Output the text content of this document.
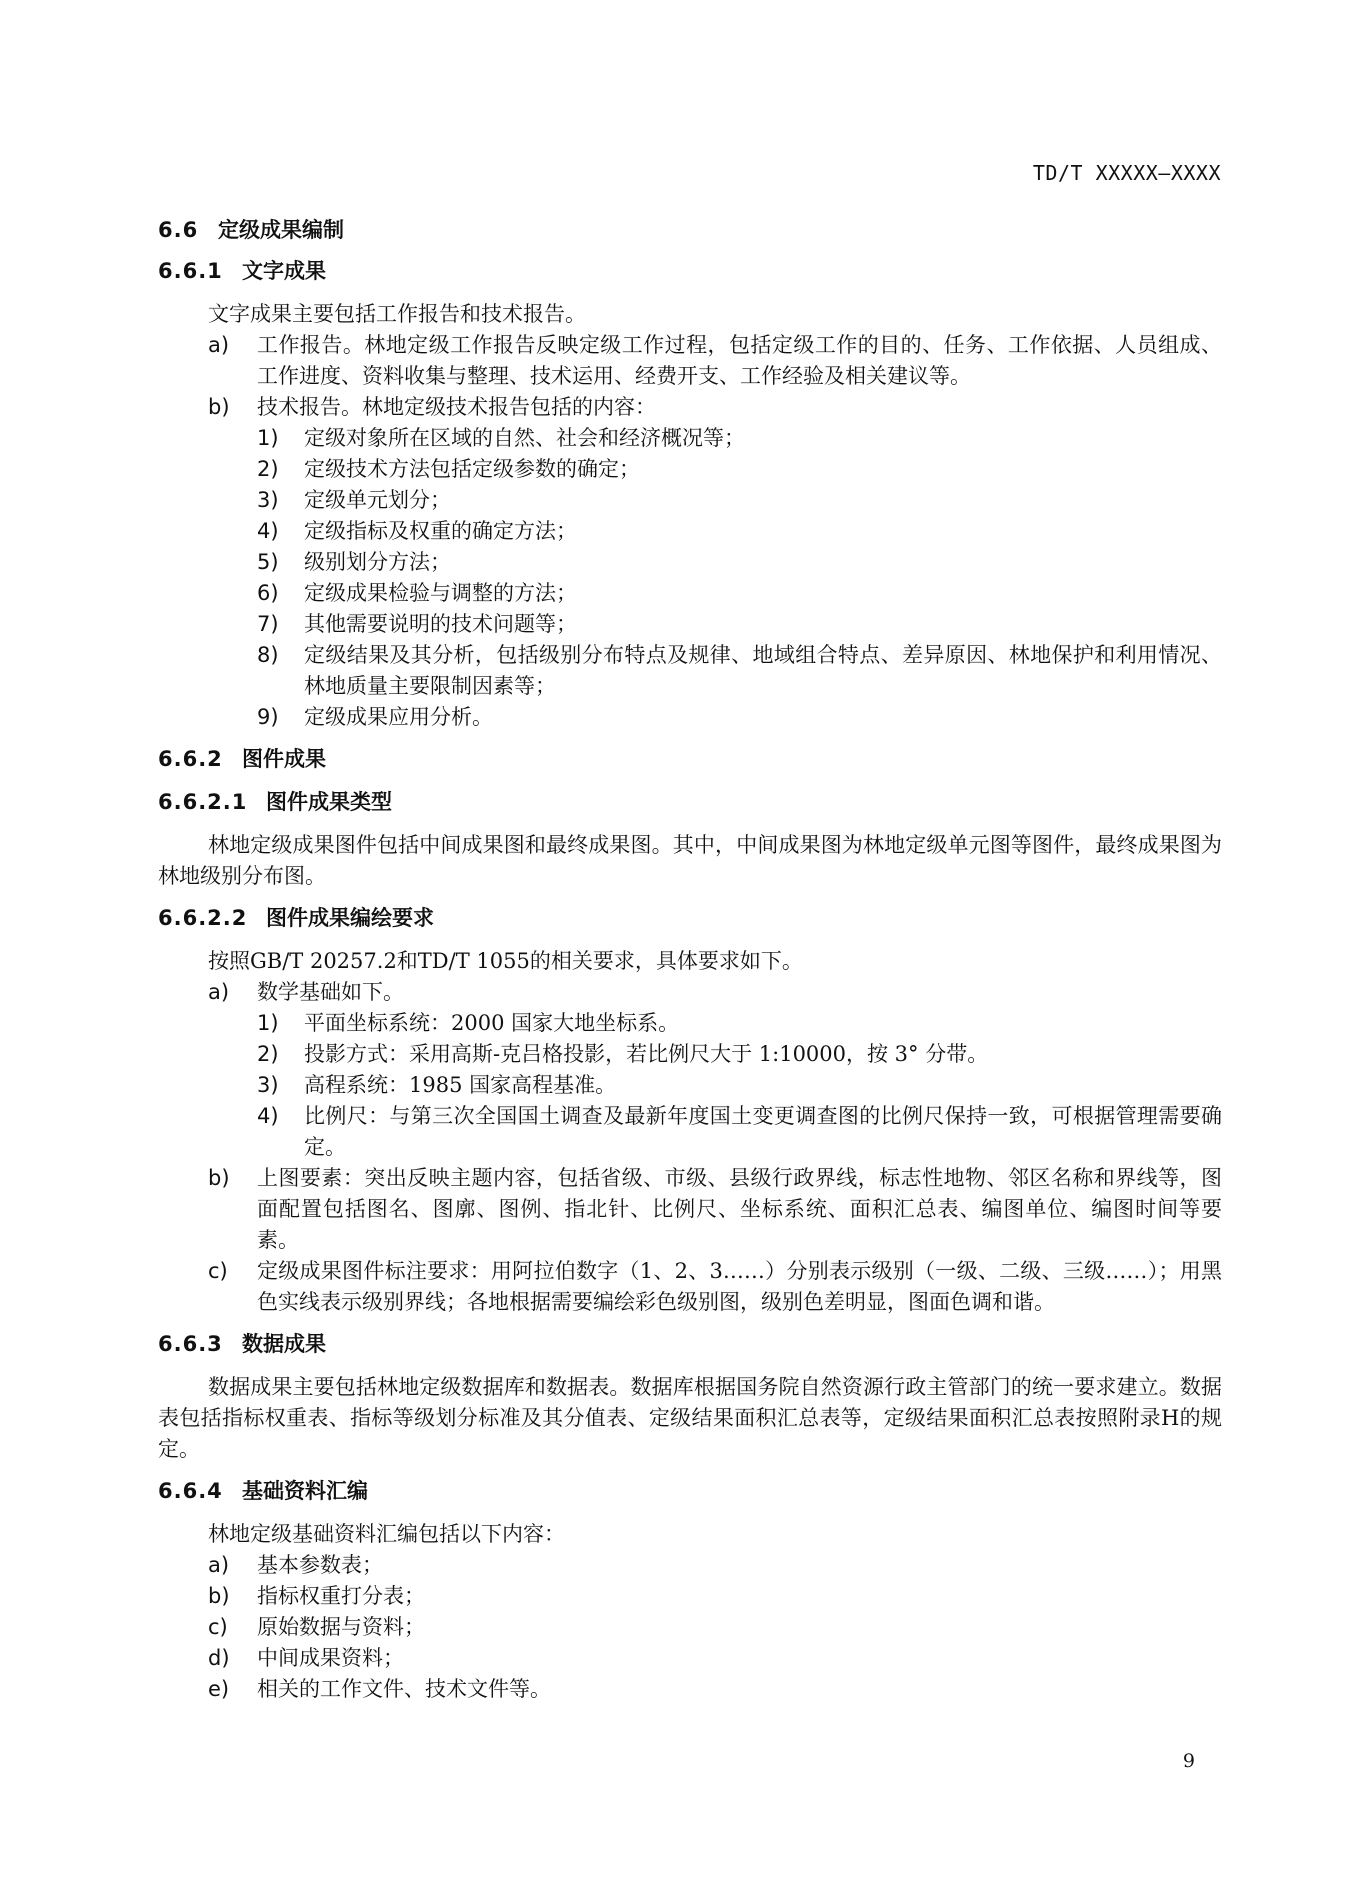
TD/T XXXXX—XXXX
6.6 定级成果编制
6.6.1 文字成果
文字成果主要包括工作报告和技术报告。
a) 工作报告。林地定级工作报告反映定级工作过程，包括定级工作的目的、任务、工作依据、人员组成、工作进度、资料收集与整理、技术运用、经费开支、工作经验及相关建议等。
b) 技术报告。林地定级技术报告包括的内容：
1) 定级对象所在区域的自然、社会和经济概况等；
2) 定级技术方法包括定级参数的确定；
3) 定级单元划分；
4) 定级指标及权重的确定方法；
5) 级别划分方法；
6) 定级成果检验与调整的方法；
7) 其他需要说明的技术问题等；
8) 定级结果及其分析，包括级别分布特点及规律、地域组合特点、差异原因、林地保护和利用情况、林地质量主要限制因素等；
9) 定级成果应用分析。
6.6.2 图件成果
6.6.2.1 图件成果类型
林地定级成果图件包括中间成果图和最终成果图。其中，中间成果图为林地定级单元图等图件，最终成果图为林地级别分布图。
6.6.2.2 图件成果编绘要求
按照GB/T 20257.2和TD/T 1055的相关要求，具体要求如下。
a) 数学基础如下。
1) 平面坐标系统：2000 国家大地坐标系。
2) 投影方式：采用高斯-克吕格投影，若比例尺大于 1:10000，按 3° 分带。
3) 高程系统：1985 国家高程基准。
4) 比例尺：与第三次全国国土调查及最新年度国土变更调查图的比例尺保持一致，可根据管理需要确定。
b) 上图要素：突出反映主题内容，包括省级、市级、县级行政界线，标志性地物、邻区名称和界线等，图面配置包括图名、图廓、图例、指北针、比例尺、坐标系统、面积汇总表、编图单位、编图时间等要素。
c) 定级成果图件标注要求：用阿拉伯数字（1、2、3……）分别表示级别（一级、二级、三级……）；用黑色实线表示级别界线；各地根据需要编绘彩色级别图，级别色差明显，图面色调和谐。
6.6.3 数据成果
数据成果主要包括林地定级数据库和数据表。数据库根据国务院自然资源行政主管部门的统一要求建立。数据表包括指标权重表、指标等级划分标准及其分值表、定级结果面积汇总表等，定级结果面积汇总表按照附录H的规定。
6.6.4 基础资料汇编
林地定级基础资料汇编包括以下内容：
a) 基本参数表；
b) 指标权重打分表；
c) 原始数据与资料；
d) 中间成果资料；
e) 相关的工作文件、技术文件等。
9
